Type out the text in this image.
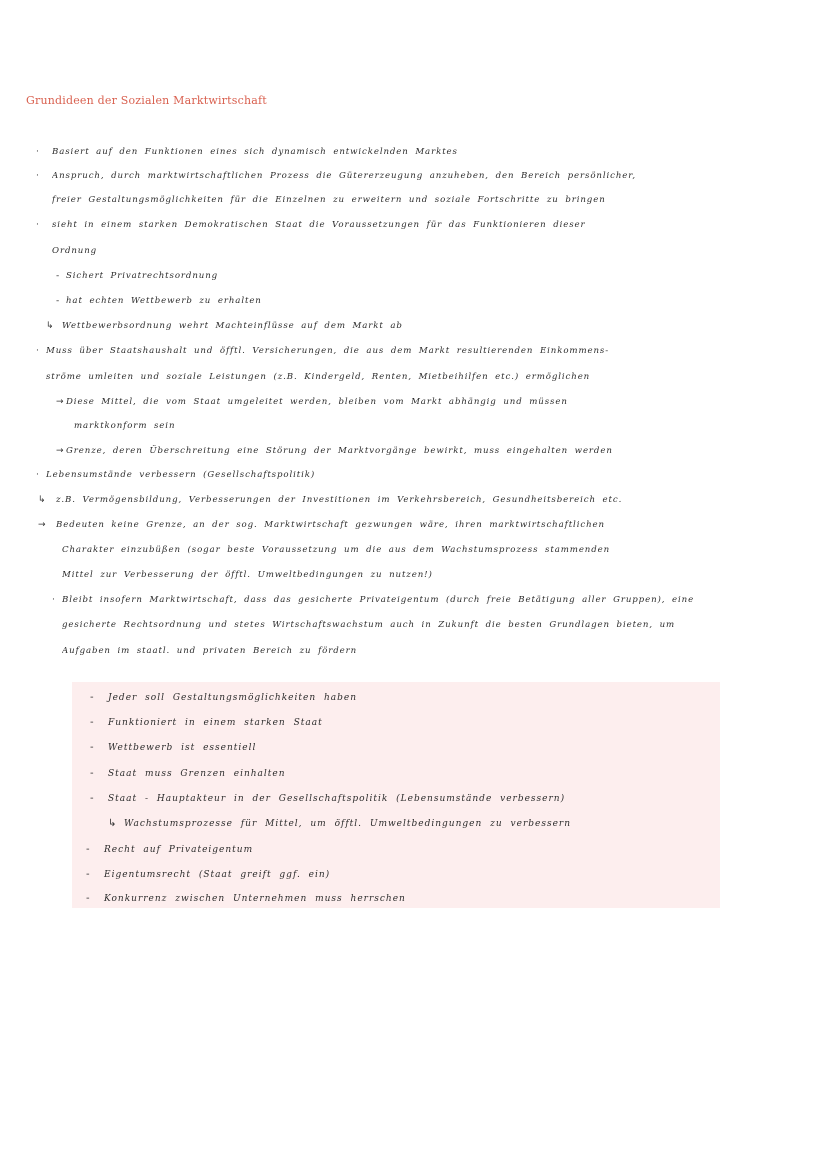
Grundideen der Sozialen Marktwirtschaft
· Basiert auf den Funktionen eines sich dynamisch entwickelnden Marktes
· Anspruch, durch marktwirtschaftlichen Prozess die Gütererzeugung anzuheben, den Bereich persönlicher,
freier Gestaltungsmöglichkeiten für die Einzelnen zu erweitern und soziale Fortschritte zu bringen
· sieht in einem starken Demokratischen Staat die Voraussetzungen für das Funktionieren dieser
Ordnung
- Sichert Privatrechtsordnung
- hat echten Wettbewerb zu erhalten
↳ Wettbewerbsordnung wehrt Machteinflüsse auf dem Markt ab
· Muss über Staatshaushalt und öfftl. Versicherungen, die aus dem Markt resultierenden Einkommens-
ströme umleiten und soziale Leistungen (z.B. Kindergeld, Renten, Mietbeihilfen etc.) ermöglichen
→ Diese Mittel, die vom Staat umgeleitet werden, bleiben vom Markt abhängig und müssen
marktkonform sein
→ Grenze, deren Überschreitung eine Störung der Marktvorgänge bewirkt, muss eingehalten werden
· Lebensumstände verbessern (Gesellschaftspolitik)
↳ z.B. Vermögensbildung, Verbesserungen der Investitionen im Verkehrsbereich, Gesundheitsbereich etc.
→ Bedeuten keine Grenze, an der sog. Marktwirtschaft gezwungen wäre, ihren marktwirtschaftlichen
Charakter einzubüßen (sogar beste Voraussetzung um die aus dem Wachstumsprozess stammenden
Mittel zur Verbesserung der öfftl. Umweltbedingungen zu nutzen!)
· Bleibt insofern Marktwirtschaft, dass das gesicherte Privateigentum (durch freie Betätigung aller Gruppen), eine
gesicherte Rechtsordnung und stetes Wirtschaftswachstum auch in Zukunft die besten Grundlagen bieten, um
Aufgaben im staatl. und privaten Bereich zu fördern
- Jeder soll Gestaltungsmöglichkeiten haben
- Funktioniert in einem starken Staat
- Wettbewerb ist essentiell
- Staat muss Grenzen einhalten
- Staat - Hauptakteur in der Gesellschaftspolitik (Lebensumstände verbessern)
↳ Wachstumsprozesse für Mittel, um öfftl. Umweltbedingungen zu verbessern
- Recht auf Privateigentum
- Eigentumsrecht (Staat greift ggf. ein)
- Konkurrenz zwischen Unternehmen muss herrschen
